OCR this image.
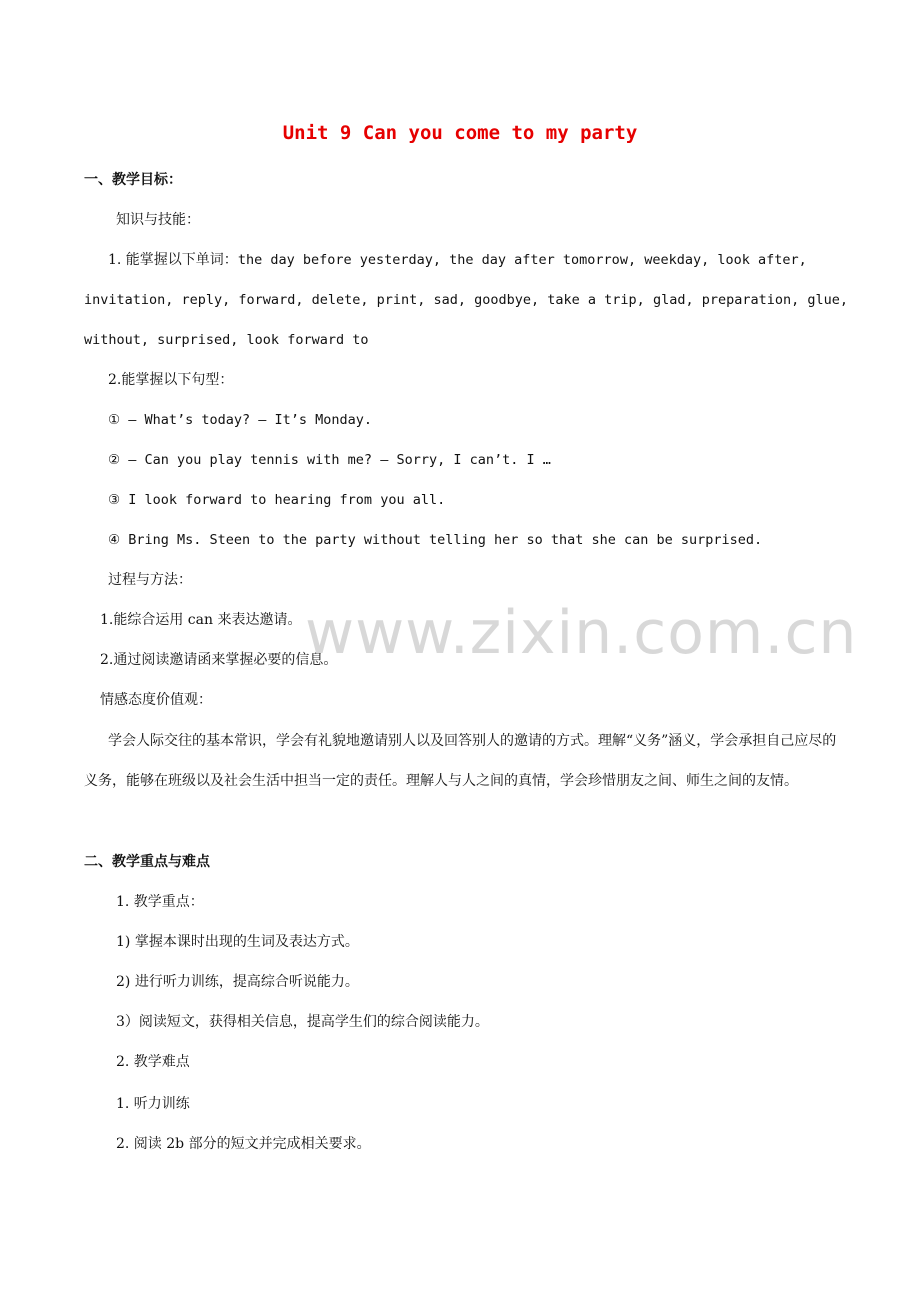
Unit 9 Can you come to my party
一、教学目标：
知识与技能：
1. 能掌握以下单词：the day before yesterday, the day after tomorrow, weekday, look after,
invitation, reply, forward, delete, print, sad, goodbye, take a trip, glad, preparation, glue,
without, surprised, look forward to
2.能掌握以下句型：
① — What’s today? — It’s Monday.
② — Can you play tennis with me? — Sorry, I can’t. I …
③ I look forward to hearing from you all.
④ Bring Ms. Steen to the party without telling her so that she can be surprised.
过程与方法：
1.能综合运用 can 来表达邀请。
2.通过阅读邀请函来掌握必要的信息。
情感态度价值观：
学会人际交往的基本常识，学会有礼貌地邀请别人以及回答别人的邀请的方式。理解“义务”涵义，学会承担自己应尽的义务，能够在班级以及社会生活中担当一定的责任。理解人与人之间的真情，学会珍惜朋友之间、师生之间的友情。
二、教学重点与难点
1. 教学重点：
1) 掌握本课时出现的生词及表达方式。
2) 进行听力训练，提高综合听说能力。
3）阅读短文，获得相关信息，提高学生们的综合阅读能力。
2. 教学难点
1. 听力训练
2. 阅读 2b 部分的短文并完成相关要求。
www.zixin.com.cn
